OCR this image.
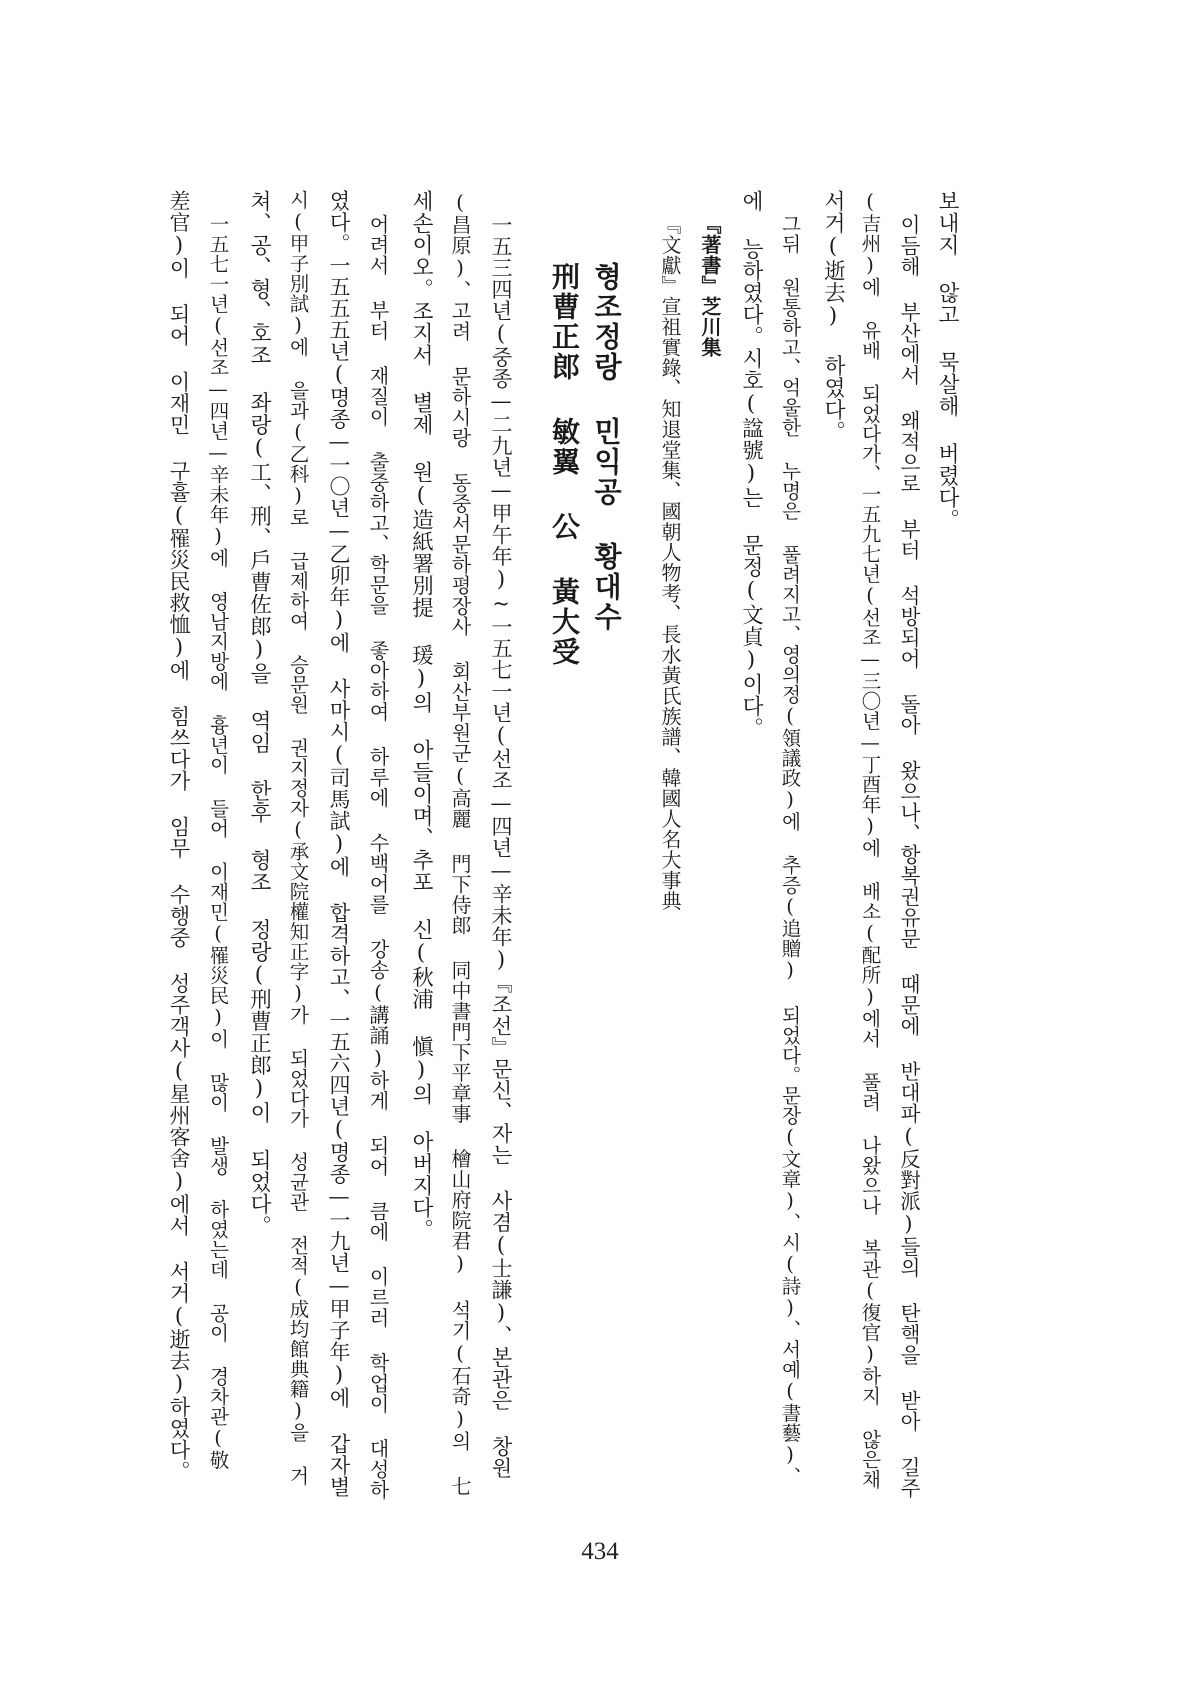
보내지 않고 묵살해 버렸다。
이듬해 부산에서 왜적으로 부터 석방되어 돌아 왔으나、항복권유문 때문에 반대파(反對派)들의 탄핵을 받아 길주
(吉州)에 유배 되었다가、一五九七년(선조—三〇년—丁酉年)에 배소(配所)에서 풀려 나왔으나 복관(復官)하지 않은채
서거(逝去) 하였다。
그뒤 원통하고、억울한 누명은 풀려지고、영의정(領議政)에 추증(追贈) 되었다。문장(文章)、시(詩)、서예(書藝)、
에 능하였다。시호(諡號)는 문정(文貞)이다。
『著書』芝川集
『文獻』宣祖實錄、知退堂集、國朝人物考、長水黃氏族譜、韓國人名大事典
형조정랑 민익공 황대수
刑曹正郎 敏翼 公 黃大受
一五三四년(중종—二九년—甲午年)~一五七一년(선조—四년—辛未年)『조선』문신、자는 사겸(士謙)、본관은 창원
(昌原)、고려 문하시랑 동중서문하평장사 회산부원군(高麗 門下侍郎 同中書門下平章事 檜山府院君) 석기(石奇)의 七
세손이오。조지서 별제 원(造紙署別提 瑗)의 아들이며、추포 신(秋浦 愼)의 아버지다。
어려서 부터 재질이 출중하고、학문을 좋아하여 하루에 수백어를 강송(講誦)하게 되어 큼에 이르러 학업이 대성하
였다。一五五五년(명종—一〇년—乙卯年)에 사마시(司馬試)에 합격하고、一五六四년(명종—一九년—甲子年)에 갑자별
시(甲子別試)에 을과(乙科)로 급제하여 승문원 권지정자(承文院權知正字)가 되었다가 성균관 전적(成均館典籍)을 거
쳐、공、형、호조 좌랑(工、刑、戶曹佐郎)을 역임 한후 형조 정랑(刑曹正郎)이 되었다。
一五七一년(선조—四년—辛未年)에 영남지방에 흉년이 들어 이재민(罹災民)이 많이 발생 하였는데 공이 경차관(敬
差官)이 되어 이재민 구휼(罹災民救恤)에 힘쓰다가 임무 수행중 성주객사(星州客舍)에서 서거(逝去)하였다。
434
